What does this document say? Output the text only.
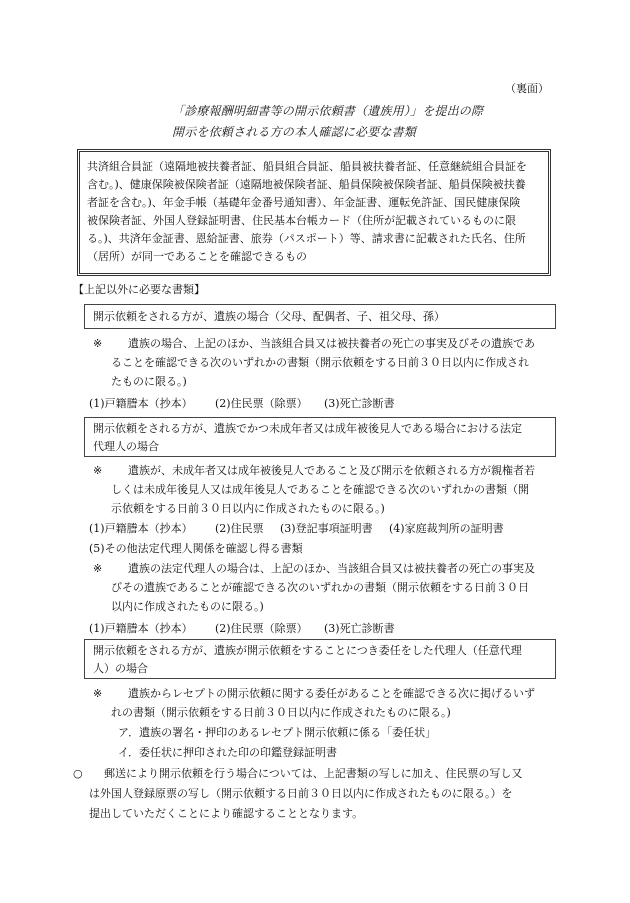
（裏面）
「診療報酬明細書等の開示依頼書（遺族用）」を提出の際
開示を依頼される方の本人確認に必要な書類
共済組合員証（遠隔地被扶養者証、船員組合員証、船員被扶養者証、任意継続組合員証を
含む。)、健康保険被保険者証（遠隔地被保険者証、船員保険被保険者証、船員保険被扶養
者証を含む。)、年金手帳（基礎年金番号通知書）、年金証書、運転免許証、国民健康保険
被保険者証、外国人登録証明書、住民基本台帳カード（住所が記載されているものに限
る。)、共済年金証書、恩給証書、旅券（パスポート）等、請求書に記載された氏名、住所
（居所）が同一であることを確認できるもの
【上記以外に必要な書類】
開示依頼をされる方が、遺族の場合（父母、配偶者、子、祖父母、孫）
※ 遺族の場合、上記のほか、当該組合員又は被扶養者の死亡の事実及びその遺族であ
ることを確認できる次のいずれかの書類（開示依頼をする日前３０日以内に作成され
たものに限る。)
(1)戸籍謄本（抄本） (2)住民票（除票） (3)死亡診断書
開示依頼をされる方が、遺族でかつ未成年者又は成年被後見人である場合における法定
代理人の場合
※ 遺族が、未成年者又は成年被後見人であること及び開示を依頼される方が親権者若
しくは未成年後見人又は成年後見人であることを確認できる次のいずれかの書類（開
示依頼をする日前３０日以内に作成されたものに限る。)
(1)戸籍謄本（抄本） (2)住民票 (3)登記事項証明書 (4)家庭裁判所の証明書
(5)その他法定代理人関係を確認し得る書類
※ 遺族の法定代理人の場合は、上記のほか、当該組合員又は被扶養者の死亡の事実及
びその遺族であることが確認できる次のいずれかの書類（開示依頼をする日前３０日
以内に作成されたものに限る。)
(1)戸籍謄本（抄本） (2)住民票（除票） (3)死亡診断書
開示依頼をされる方が、遺族が開示依頼をすることにつき委任をした代理人（任意代理
人）の場合
※ 遺族からレセプトの開示依頼に関する委任があることを確認できる次に掲げるいず
れの書類（開示依頼をする日前３０日以内に作成されたものに限る。)
ア．遺族の署名・押印のあるレセプト開示依頼に係る「委任状」
イ．委任状に押印された印の印鑑登録証明書
○ 郵送により開示依頼を行う場合については、上記書類の写しに加え、住民票の写し又
は外国人登録原票の写し（開示依頼する日前３０日以内に作成されたものに限る。）を
提出していただくことにより確認することとなります。
